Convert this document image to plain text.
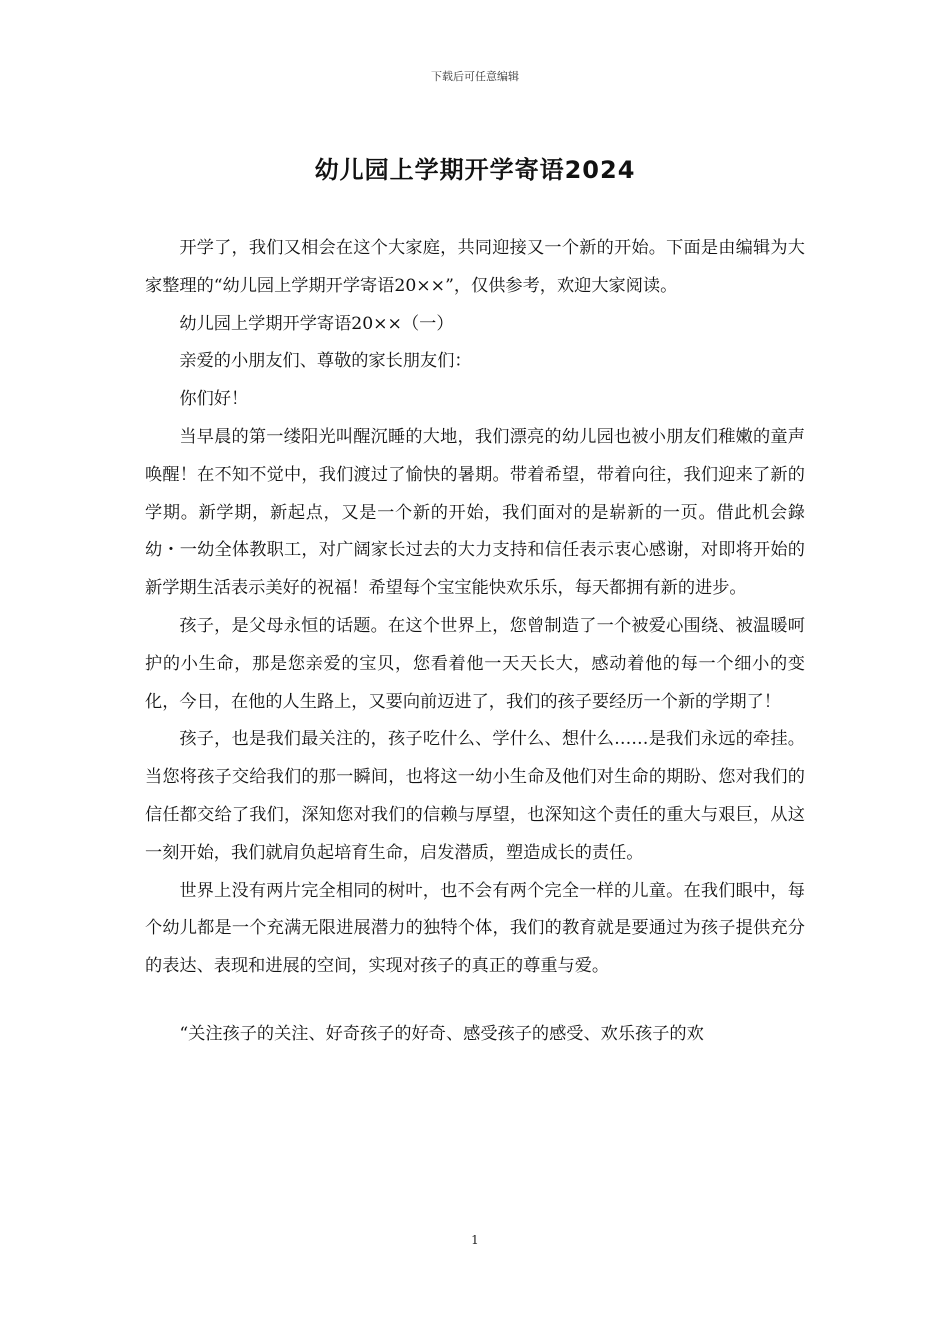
下载后可任意编辑
幼儿园上学期开学寄语2024

开学了，我们又相会在这个大家庭，共同迎接又一个新的开始。下面是由编辑为大家整理的“幼儿园上学期开学寄语20××”，仅供参考，欢迎大家阅读。

幼儿园上学期开学寄语20××（一）

亲爱的小朋友们、尊敬的家长朋友们：

你们好！

当早晨的第一缕阳光叫醒沉睡的大地，我们漂亮的幼儿园也被小朋友们稚嫩的童声唤醒！在不知不觉中，我们渡过了愉快的暑期。带着希望，带着向往，我们迎来了新的学期。新学期，新起点，又是一个新的开始，我们面对的是崭新的一页。借此机会錄幼・一幼全体教职工，对广阔家长过去的大力支持和信任表示衷心感谢，对即将开始的新学期生活表示美好的祝福！希望每个宝宝能快欢乐乐，每天都拥有新的进步。

孩子，是父母永恒的话题。在这个世界上，您曾制造了一个被爱心围绕、被温暖呵护的小生命，那是您亲爱的宝贝，您看着他一天天长大，感动着他的每一个细小的变化，今日，在他的人生路上，又要向前迈进了，我们的孩子要经历一个新的学期了！

孩子，也是我们最关注的，孩子吃什么、学什么、想什么……是我们永远的牵挂。当您将孩子交给我们的那一瞬间，也将这一幼小生命及他们对生命的期盼、您对我们的信任都交给了我们，深知您对我们的信赖与厚望，也深知这个责任的重大与艰巨，从这一刻开始，我们就肩负起培育生命，启发潜质，塑造成长的责任。

世界上没有两片完全相同的树叶，也不会有两个完全一样的儿童。在我们眼中，每个幼儿都是一个充满无限进展潜力的独特个体，我们的教育就是要通过为孩子提供充分的表达、表现和进展的空间，实现对孩子的真正的尊重与爱。

“关注孩子的关注、好奇孩子的好奇、感受孩子的感受、欢乐孩子的欢

1
